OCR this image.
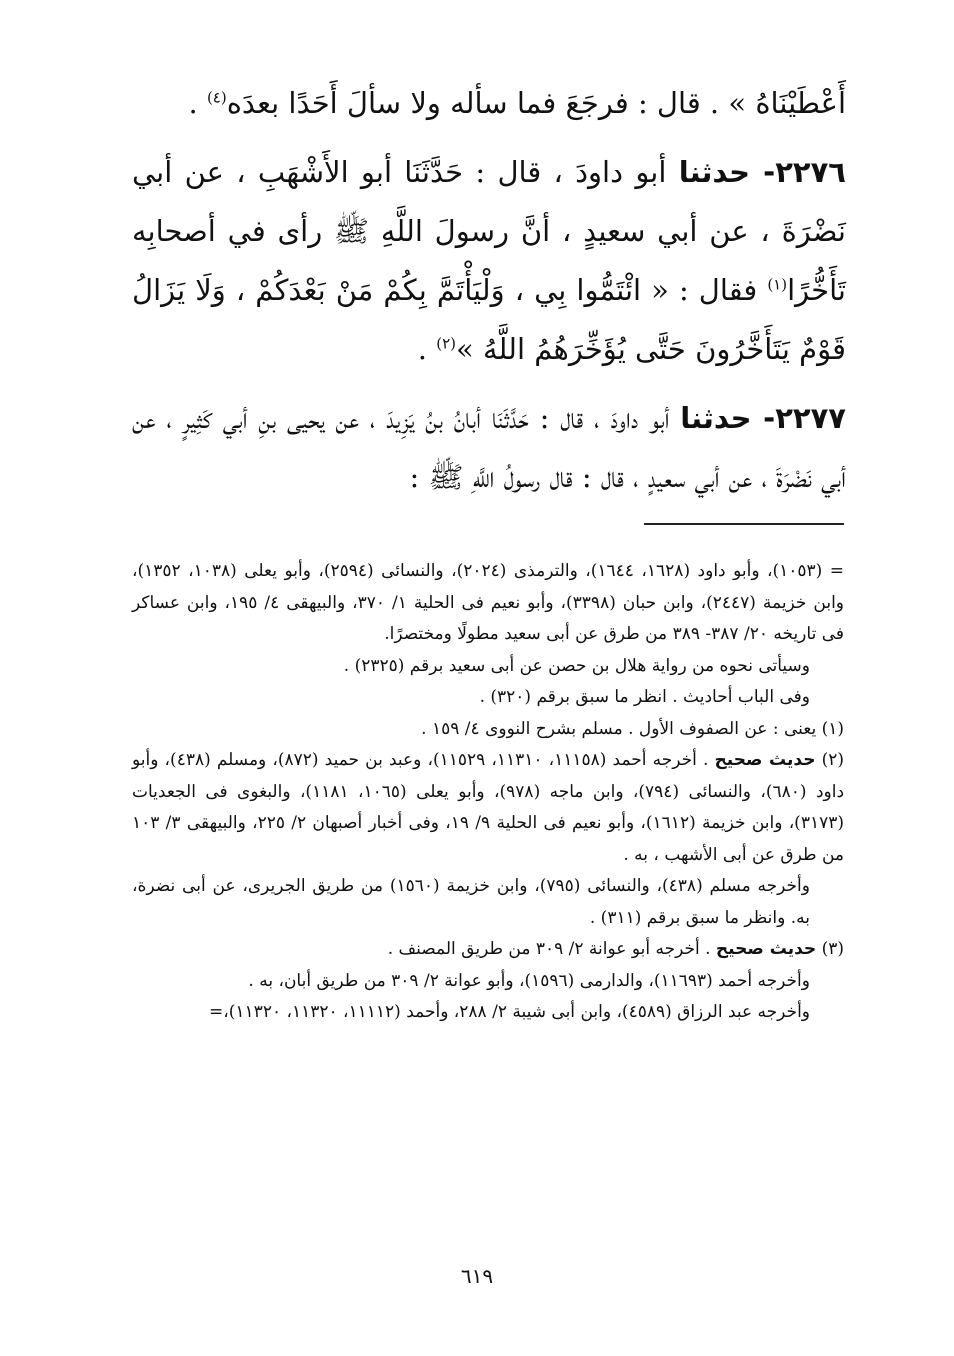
أَعْطَيْنَاهُ » . قال : فرجَعَ فما سأله ولا سألَ أَحَدًا بعدَه$^{(٤)}$ .

٢٢٧٦- حدثنا أبو داودَ ، قال : حَدَّثَنَا أبو الأَشْهَبِ ، عن أبي نَضْرَةَ ، عن أبي سعيدٍ ، أنَّ رسولَ اللَّهِ ﷺ رأى في أصحابِه تَأَخُّرًا$^{(١)}$ فقال : « ائْتَمُّوا بِي ، وَلْيَأْتَمَّ بِكُمْ مَنْ بَعْدَكُمْ ، وَلَا يَزَالُ قَوْمٌ يَتَأَخَّرُونَ حَتَّى يُؤَخِّرَهُمُ اللَّهُ »$^{(٢)}$ .

٢٢٧٧- حدثنا أبو داودَ ، قال : حَدَّثَنَا أبانُ بنُ يَزِيدَ ، عن يحيى بنِ أبي كَثِيرٍ ، عن أبي نَضْرَةَ ، عن أبي سعيدٍ ، قال : قال رسولُ اللَّهِ ﷺ :

= (١٠٥٣)، وأبو داود (١٦٢٨، ١٦٤٤)، والترمذى (٢٠٢٤)، والنسائى (٢٥٩٤)، وأبو يعلى (١٠٣٨، ١٣٥٢)، وابن خزيمة (٢٤٤٧)، وابن حبان (٣٣٩٨)، وأبو نعيم فى الحلية ١/ ٣٧٠، والبيهقى ٤/ ١٩٥، وابن عساكر فى تاريخه ٢٠/ ٣٨٧- ٣٨٩ من طرق عن أبى سعيد مطولًا ومختصرًا.

وسيأتى نحوه من رواية هلال بن حصن عن أبى سعيد برقم (٢٣٢٥) .

وفى الباب أحاديث . انظر ما سبق برقم (٣٢٠) .

(١) يعنى : عن الصفوف الأول . مسلم بشرح النووى ٤/ ١٥٩ .

(٢) حديث صحيح . أخرجه أحمد (١١١٥٨، ١١٣١٠، ١١٥٢٩)، وعبد بن حميد (٨٧٢)، ومسلم (٤٣٨)، وأبو داود (٦٨٠)، والنسائى (٧٩٤)، وابن ماجه (٩٧٨)، وأبو يعلى (١٠٦٥، ١١٨١)، والبغوى فى الجعديات (٣١٧٣)، وابن خزيمة (١٦١٢)، وأبو نعيم فى الحلية ٩/ ١٩، وفى أخبار أصبهان ٢/ ٢٢٥، والبيهقى ٣/ ١٠٣ من طرق عن أبى الأشهب ، به .

وأخرجه مسلم (٤٣٨)، والنسائى (٧٩٥)، وابن خزيمة (١٥٦٠) من طريق الجريرى، عن أبى نضرة، به. وانظر ما سبق برقم (٣١١) .

(٣) حديث صحيح . أخرجه أبو عوانة ٢/ ٣٠٩ من طريق المصنف .

وأخرجه أحمد (١١٦٩٣)، والدارمى (١٥٩٦)، وأبو عوانة ٢/ ٣٠٩ من طريق أبان، به .

وأخرجه عبد الرزاق (٤٥٨٩)، وابن أبى شيبة ٢/ ٢٨٨، وأحمد (١١١١٢، ١١٣٢٠، ١١٣٢٠)،=

٦١٩
